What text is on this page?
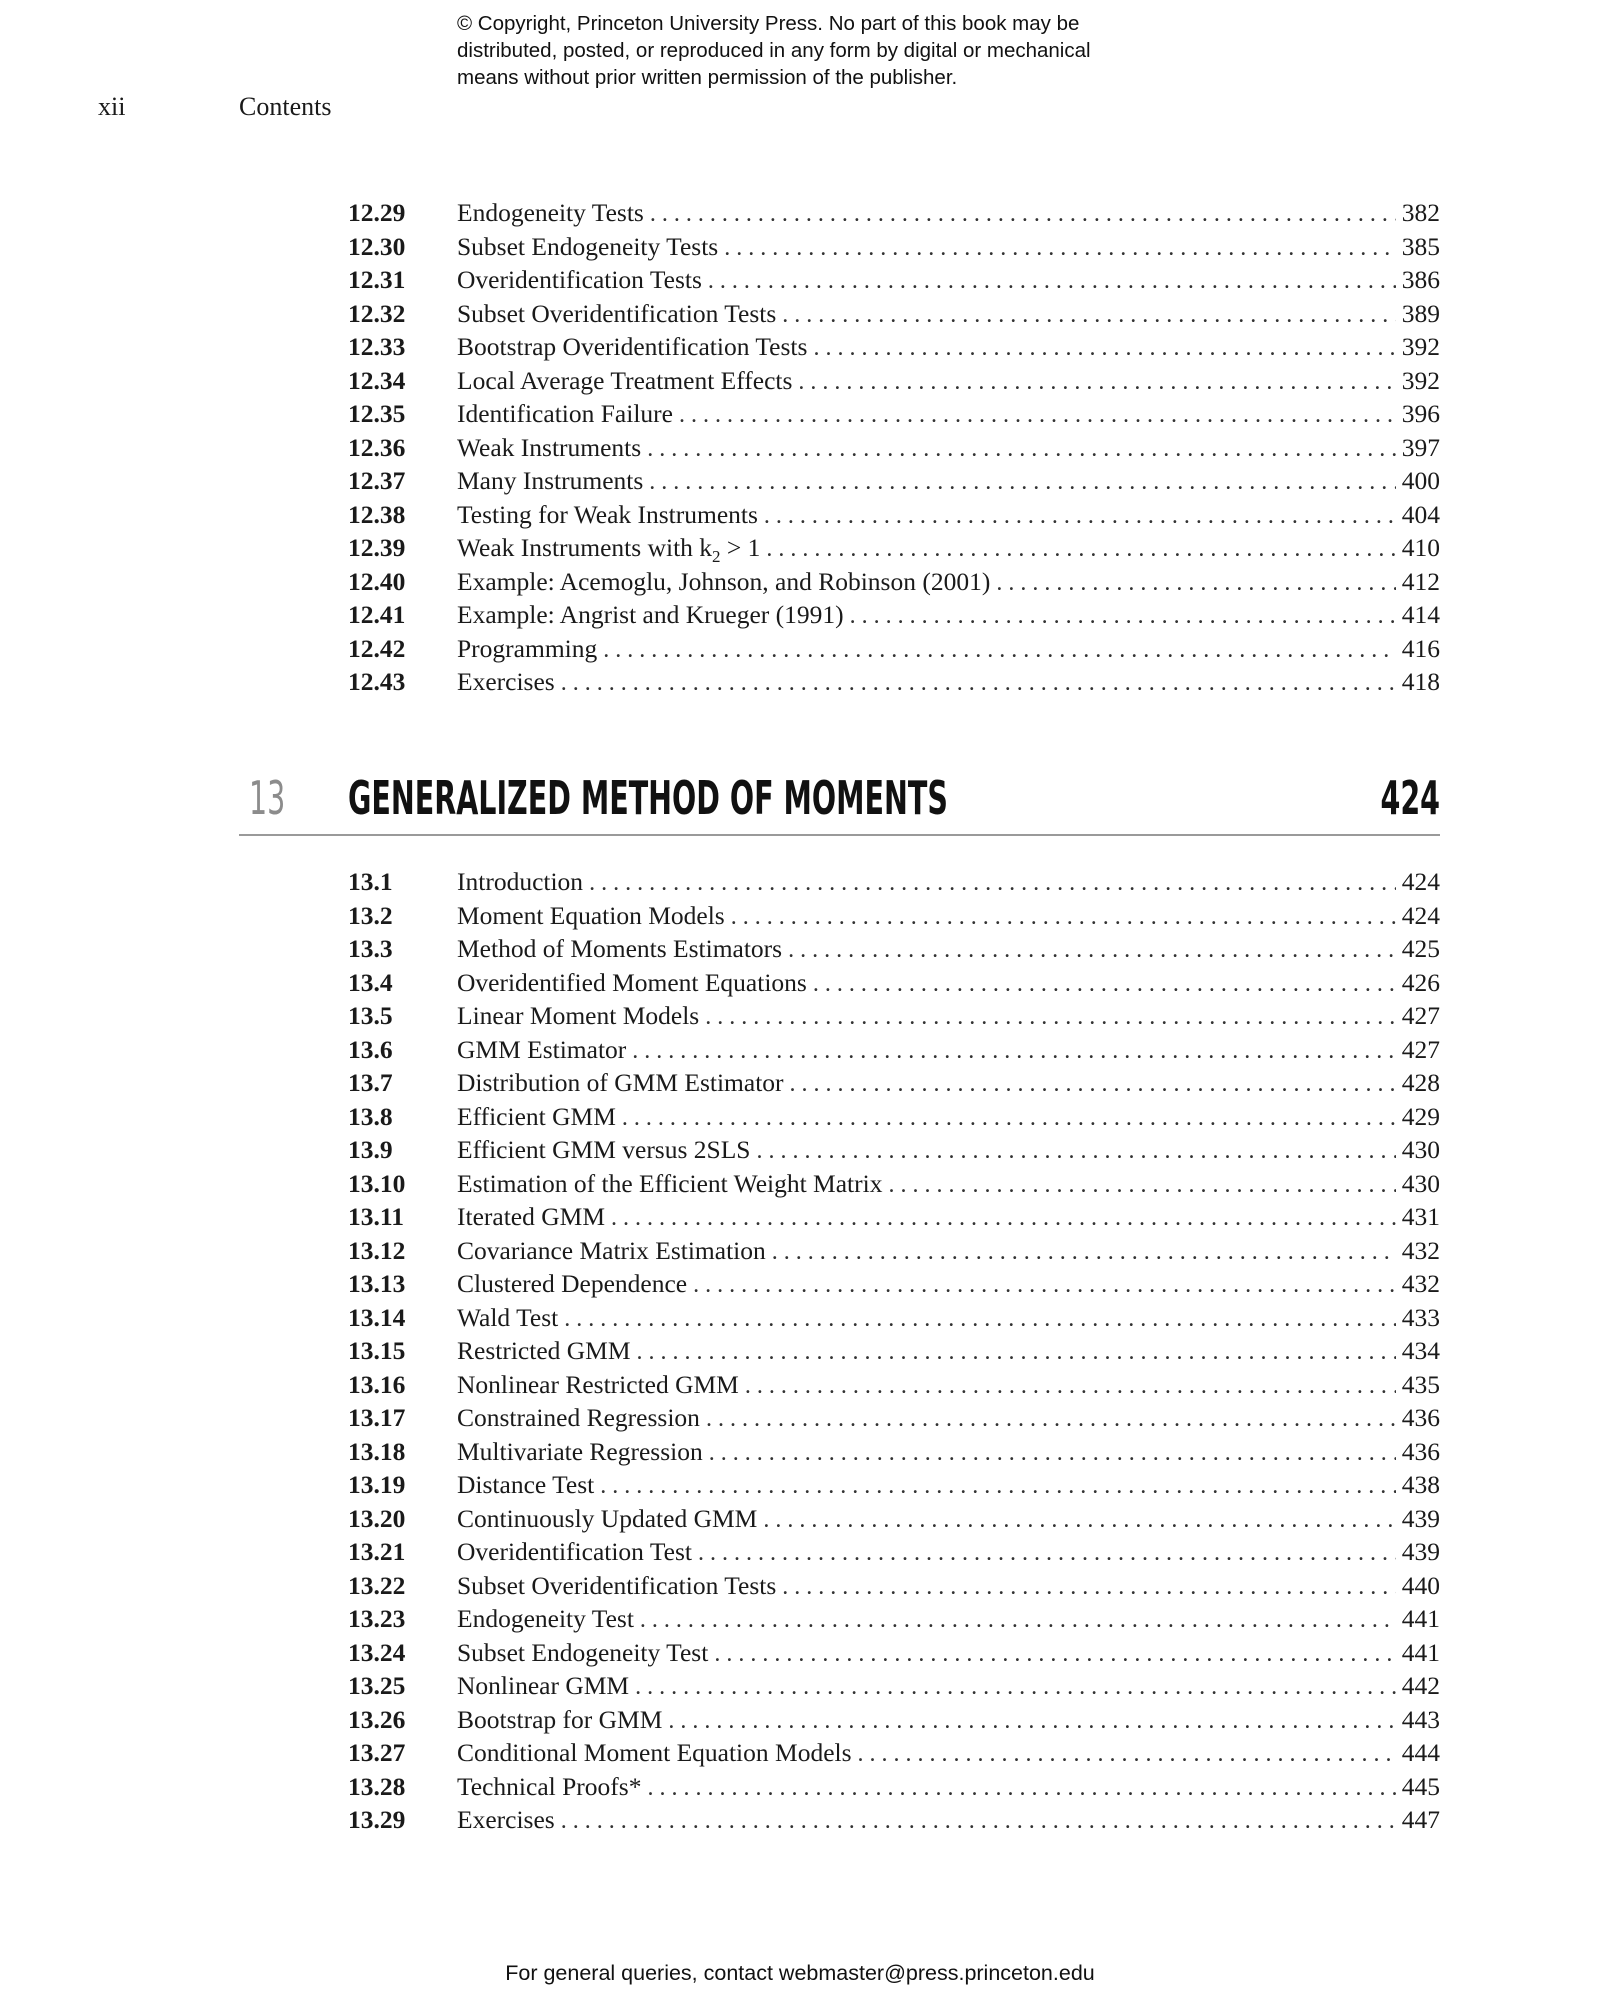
© Copyright, Princeton University Press. No part of this book may be
distributed, posted, or reproduced in any form by digital or mechanical
means without prior written permission of the publisher.
xii	Contents
12.29	Endogeneity Tests . . .	382
12.30	Subset Endogeneity Tests . . .	385
12.31	Overidentification Tests . . .	386
12.32	Subset Overidentification Tests . . .	389
12.33	Bootstrap Overidentification Tests . . .	392
12.34	Local Average Treatment Effects . . .	392
12.35	Identification Failure . . .	396
12.36	Weak Instruments . . .	397
12.37	Many Instruments . . .	400
12.38	Testing for Weak Instruments . . .	404
12.39	Weak Instruments with $k_2 > 1$ . . .	410
12.40	Example: Acemoglu, Johnson, and Robinson (2001) . . .	412
12.41	Example: Angrist and Krueger (1991) . . .	414
12.42	Programming . . .	416
12.43	Exercises . . .	418
13 GENERALIZED METHOD OF MOMENTS	424
13.1	Introduction . . .	424
13.2	Moment Equation Models . . .	424
13.3	Method of Moments Estimators . . .	425
13.4	Overidentified Moment Equations . . .	426
13.5	Linear Moment Models . . .	427
13.6	GMM Estimator . . .	427
13.7	Distribution of GMM Estimator . . .	428
13.8	Efficient GMM . . .	429
13.9	Efficient GMM versus 2SLS . . .	430
13.10	Estimation of the Efficient Weight Matrix . . .	430
13.11	Iterated GMM . . .	431
13.12	Covariance Matrix Estimation . . .	432
13.13	Clustered Dependence . . .	432
13.14	Wald Test . . .	433
13.15	Restricted GMM . . .	434
13.16	Nonlinear Restricted GMM . . .	435
13.17	Constrained Regression . . .	436
13.18	Multivariate Regression . . .	436
13.19	Distance Test . . .	438
13.20	Continuously Updated GMM . . .	439
13.21	Overidentification Test . . .	439
13.22	Subset Overidentification Tests . . .	440
13.23	Endogeneity Test . . .	441
13.24	Subset Endogeneity Test . . .	441
13.25	Nonlinear GMM . . .	442
13.26	Bootstrap for GMM . . .	443
13.27	Conditional Moment Equation Models . . .	444
13.28	Technical Proofs* . . .	445
13.29	Exercises . . .	447
For general queries, contact webmaster@press.princeton.edu
